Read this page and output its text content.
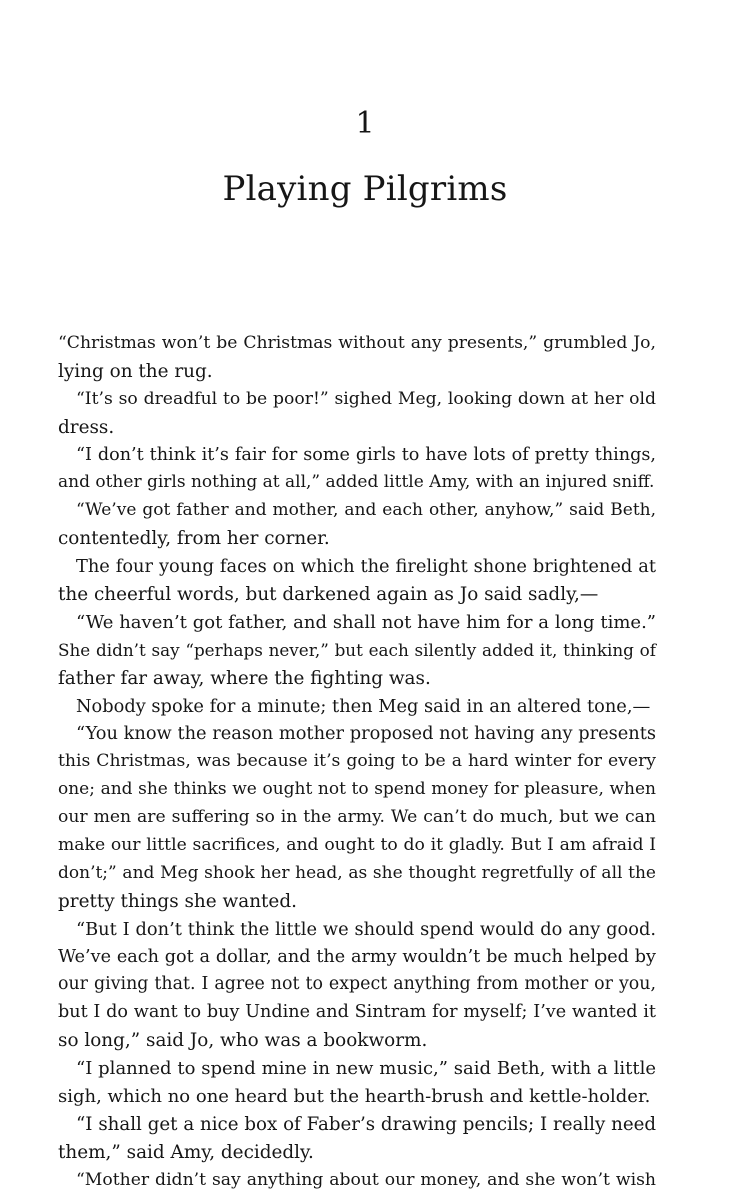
1
Playing Pilgrims
“Christmas won’t be Christmas without any presents,” grumbled Jo,
lying on the rug.
“It’s so dreadful to be poor!” sighed Meg, looking down at her old
dress.
“I don’t think it’s fair for some girls to have lots of pretty things,
and other girls nothing at all,” added little Amy, with an injured sniff.
“We’ve got father and mother, and each other, anyhow,” said Beth,
contentedly, from her corner.
The four young faces on which the firelight shone brightened at
the cheerful words, but darkened again as Jo said sadly,—
“We haven’t got father, and shall not have him for a long time.”
She didn’t say “perhaps never,” but each silently added it, thinking of
father far away, where the fighting was.
Nobody spoke for a minute; then Meg said in an altered tone,—
“You know the reason mother proposed not having any presents
this Christmas, was because it’s going to be a hard winter for every
one; and she thinks we ought not to spend money for pleasure, when
our men are suffering so in the army. We can’t do much, but we can
make our little sacrifices, and ought to do it gladly. But I am afraid I
don’t;” and Meg shook her head, as she thought regretfully of all the
pretty things she wanted.
“But I don’t think the little we should spend would do any good.
We’ve each got a dollar, and the army wouldn’t be much helped by
our giving that. I agree not to expect anything from mother or you,
but I do want to buy Undine and Sintram for myself; I’ve wanted it
so long,” said Jo, who was a bookworm.
“I planned to spend mine in new music,” said Beth, with a little
sigh, which no one heard but the hearth-brush and kettle-holder.
“I shall get a nice box of Faber’s drawing pencils; I really need
them,” said Amy, decidedly.
“Mother didn’t say anything about our money, and she won’t wish
